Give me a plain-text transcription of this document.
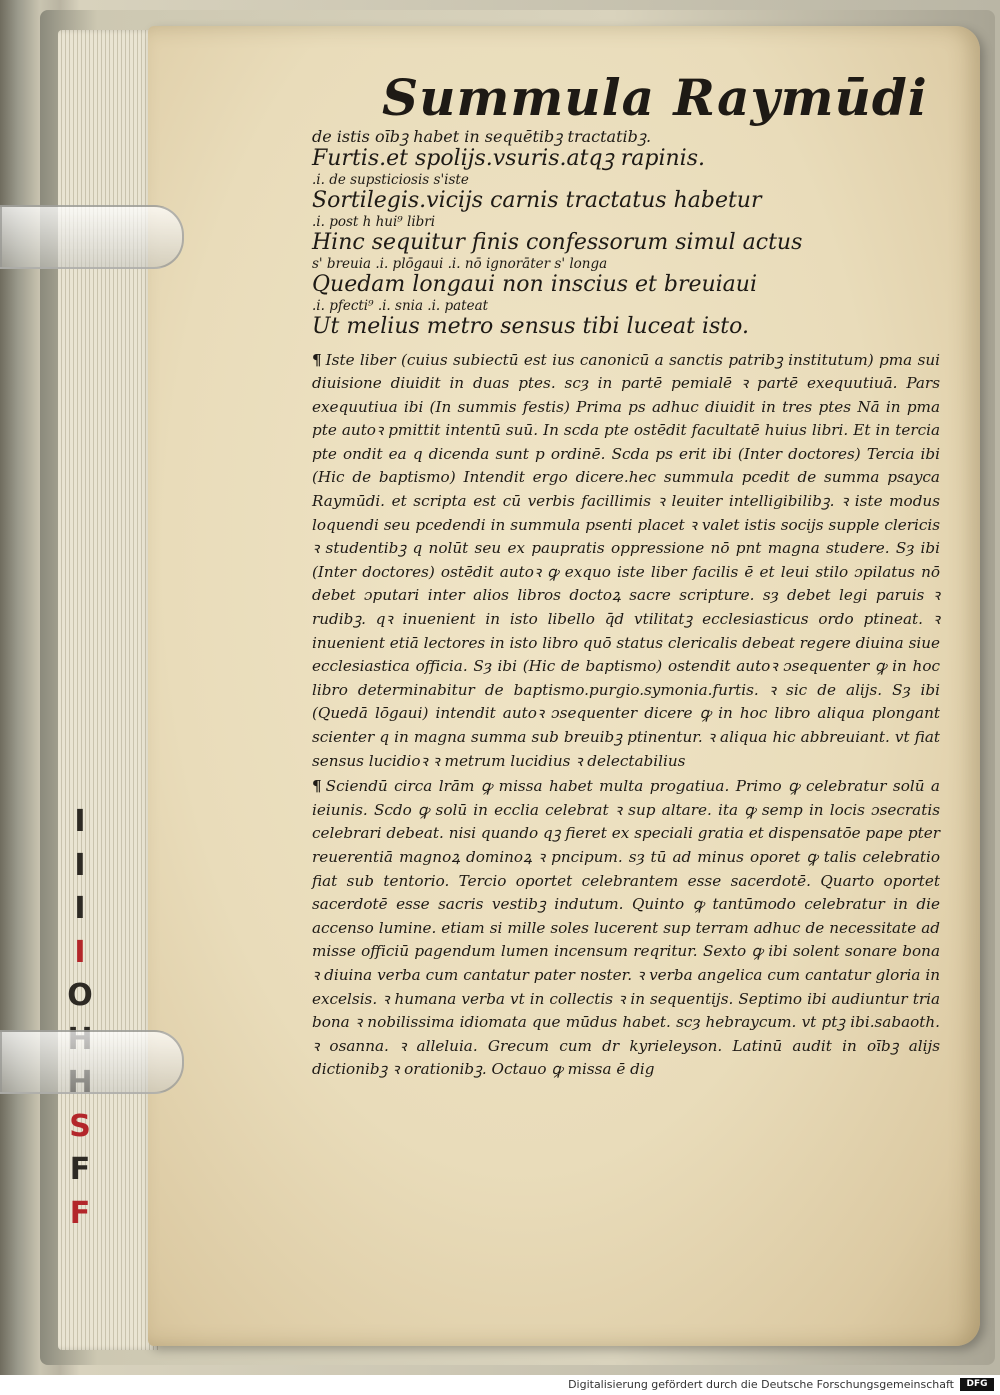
I
I
I
I
O
S
F
F
Summula Raymūdi
de istis oībꝫ habet in sequētibꝫ tractatibꝫ.
Furtis.et spolijs.vsuris.atqꝫ rapinis.
.i. de supsticiosis s'iste
Sortilegis.vicijs carnis tractatus habetur
.i. post h hui⁹ libri
Hinc sequitur finis confessorum simul actus
s' breuia .i. plōgaui .i. nō ignorāter s' longa
Quedam longaui non inscius et breuiaui
.i. pfecti⁹ .i. snia .i. pateat
Ut melius metro sensus tibi luceat isto.

¶ Iste liber (cuius subiectū est ius canonicū a sanctis patribꝫ institutum) pma sui diuisione diuidit in duas ptes. scȝ in partē pemialē ꝛ partē exequutiuā. Pars exequutiua ibi (In summis festis) Prima ps adhuc diuidit in tres ptes Nā in pma pte autoꝛ pmittit intentū suū. In scda pte ostēdit facultatē huius libri. Et in tercia pte ondit ea q dicenda sunt p ordinē. Scda ps erit ibi (Inter doctores) Tercia ibi (Hic de baptismo) Intendit ergo dicere.hec summula pcedit de summa psayca Raymūdi. et scripta est cū verbis facillimis ꝛ leuiter intelligibilibꝫ. ꝛ iste modus loquendi seu pcedendi in summula psenti placet ꝛ valet istis socijs supple clericis ꝛ studentibꝫ q nolūt seu ex paupratis oppressione nō pnt magna studere. Sȝ ibi (Inter doctores) ostēdit autoꝛ ꝙ exquo iste liber facilis ē et leui stilo ɔpilatus nō debet ɔputari inter alios libros doctoꝝ sacre scripture. sȝ debet legi paruis ꝛ rudibꝫ. qꝛ inuenient in isto libello q̄d vtilitatꝫ ecclesiasticus ordo ptineat. ꝛ inuenient etiā lectores in isto libro quō status clericalis debeat regere diuina siue ecclesiastica officia. Sȝ ibi (Hic de baptismo) ostendit autoꝛ ɔsequenter ꝙ in hoc libro determinabitur de baptismo.purgio.symonia.furtis. ꝛ sic de alijs. Sȝ ibi (Quedā lōgaui) intendit autoꝛ ɔsequenter dicere ꝙ in hoc libro aliqua plongant scienter q in magna summa sub breuibꝫ ptinentur. ꝛ aliqua hic abbreuiant. vt fiat sensus lucidioꝛ ꝛ metrum lucidius ꝛ delectabilius

¶ Sciendū circa lrām ꝙ missa habet multa progatiua. Primo ꝙ celebratur solū a ieiunis. Scdo ꝙ solū in ecclia celebrat ꝛ sup altare. ita ꝙ semp in locis ɔsecratis celebrari debeat. nisi quando qꝫ fieret ex speciali gratia et dispensatōe pape pter reuerentiā magnoꝝ dominoꝝ ꝛ pncipum. sȝ tū ad minus oporet ꝙ talis celebratio fiat sub tentorio. Tercio oportet celebrantem esse sacerdotē. Quarto oportet sacerdotē esse sacris vestibꝫ indutum. Quinto ꝙ tantūmodo celebratur in die accenso lumine. etiam si mille soles lucerent sup terram adhuc de necessitate ad misse officiū pagendum lumen incensum reqritur. Sexto ꝙ ibi solent sonare bona ꝛ diuina verba cum cantatur pater noster. ꝛ verba angelica cum cantatur gloria in excelsis. ꝛ humana verba vt in collectis ꝛ in sequentijs. Septimo ibi audiuntur tria bona ꝛ nobilissima idiomata que mūdus habet. scȝ hebraycum. vt ptꝫ ibi.sabaoth. ꝛ osanna. ꝛ alleluia. Grecum cum dr kyrieleyson. Latinū audit in oībꝫ alijs dictionibꝫ ꝛ orationibꝫ. Octauo ꝙ missa ē dig

Digitalisierung gefördert durch die Deutsche Forschungsgemeinschaft	DFG
